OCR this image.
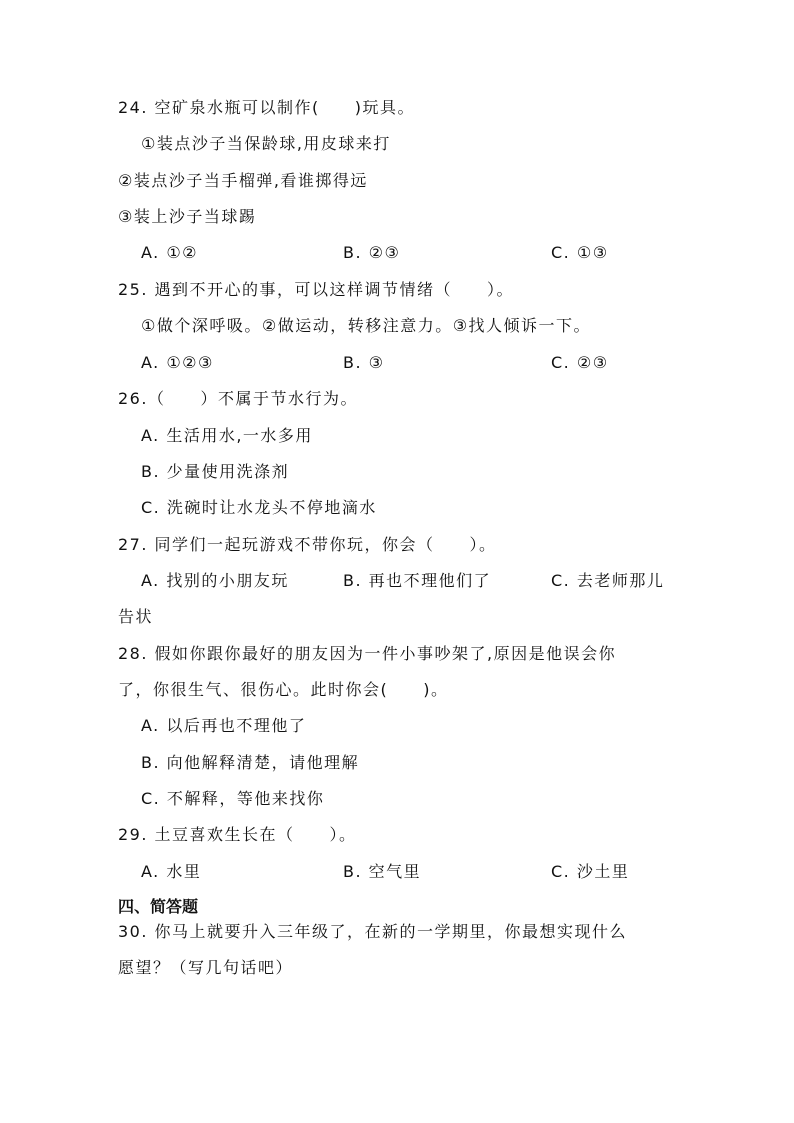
24. 空矿泉水瓶可以制作(　　)玩具。
①装点沙子当保龄球,用皮球来打
②装点沙子当手榴弹,看谁掷得远
③装上沙子当球踢
A. ①②	B. ②③	C. ①③
25. 遇到不开心的事，可以这样调节情绪（　　）。
①做个深呼吸。②做运动，转移注意力。③找人倾诉一下。
A. ①②③	B. ③	C. ②③
26.（　　）不属于节水行为。
A. 生活用水,一水多用
B. 少量使用洗涤剂
C. 洗碗时让水龙头不停地滴水
27. 同学们一起玩游戏不带你玩，你会（　　）。
A. 找别的小朋友玩	B. 再也不理他们了	C. 去老师那儿
告状
28. 假如你跟你最好的朋友因为一件小事吵架了,原因是他误会你
了，你很生气、很伤心。此时你会(　　)。
A. 以后再也不理他了
B. 向他解释清楚，请他理解
C. 不解释，等他来找你
29. 土豆喜欢生长在（　　）。
A. 水里	B. 空气里	C. 沙土里
四、简答题
30. 你马上就要升入三年级了，在新的一学期里，你最想实现什么
愿望？（写几句话吧）
